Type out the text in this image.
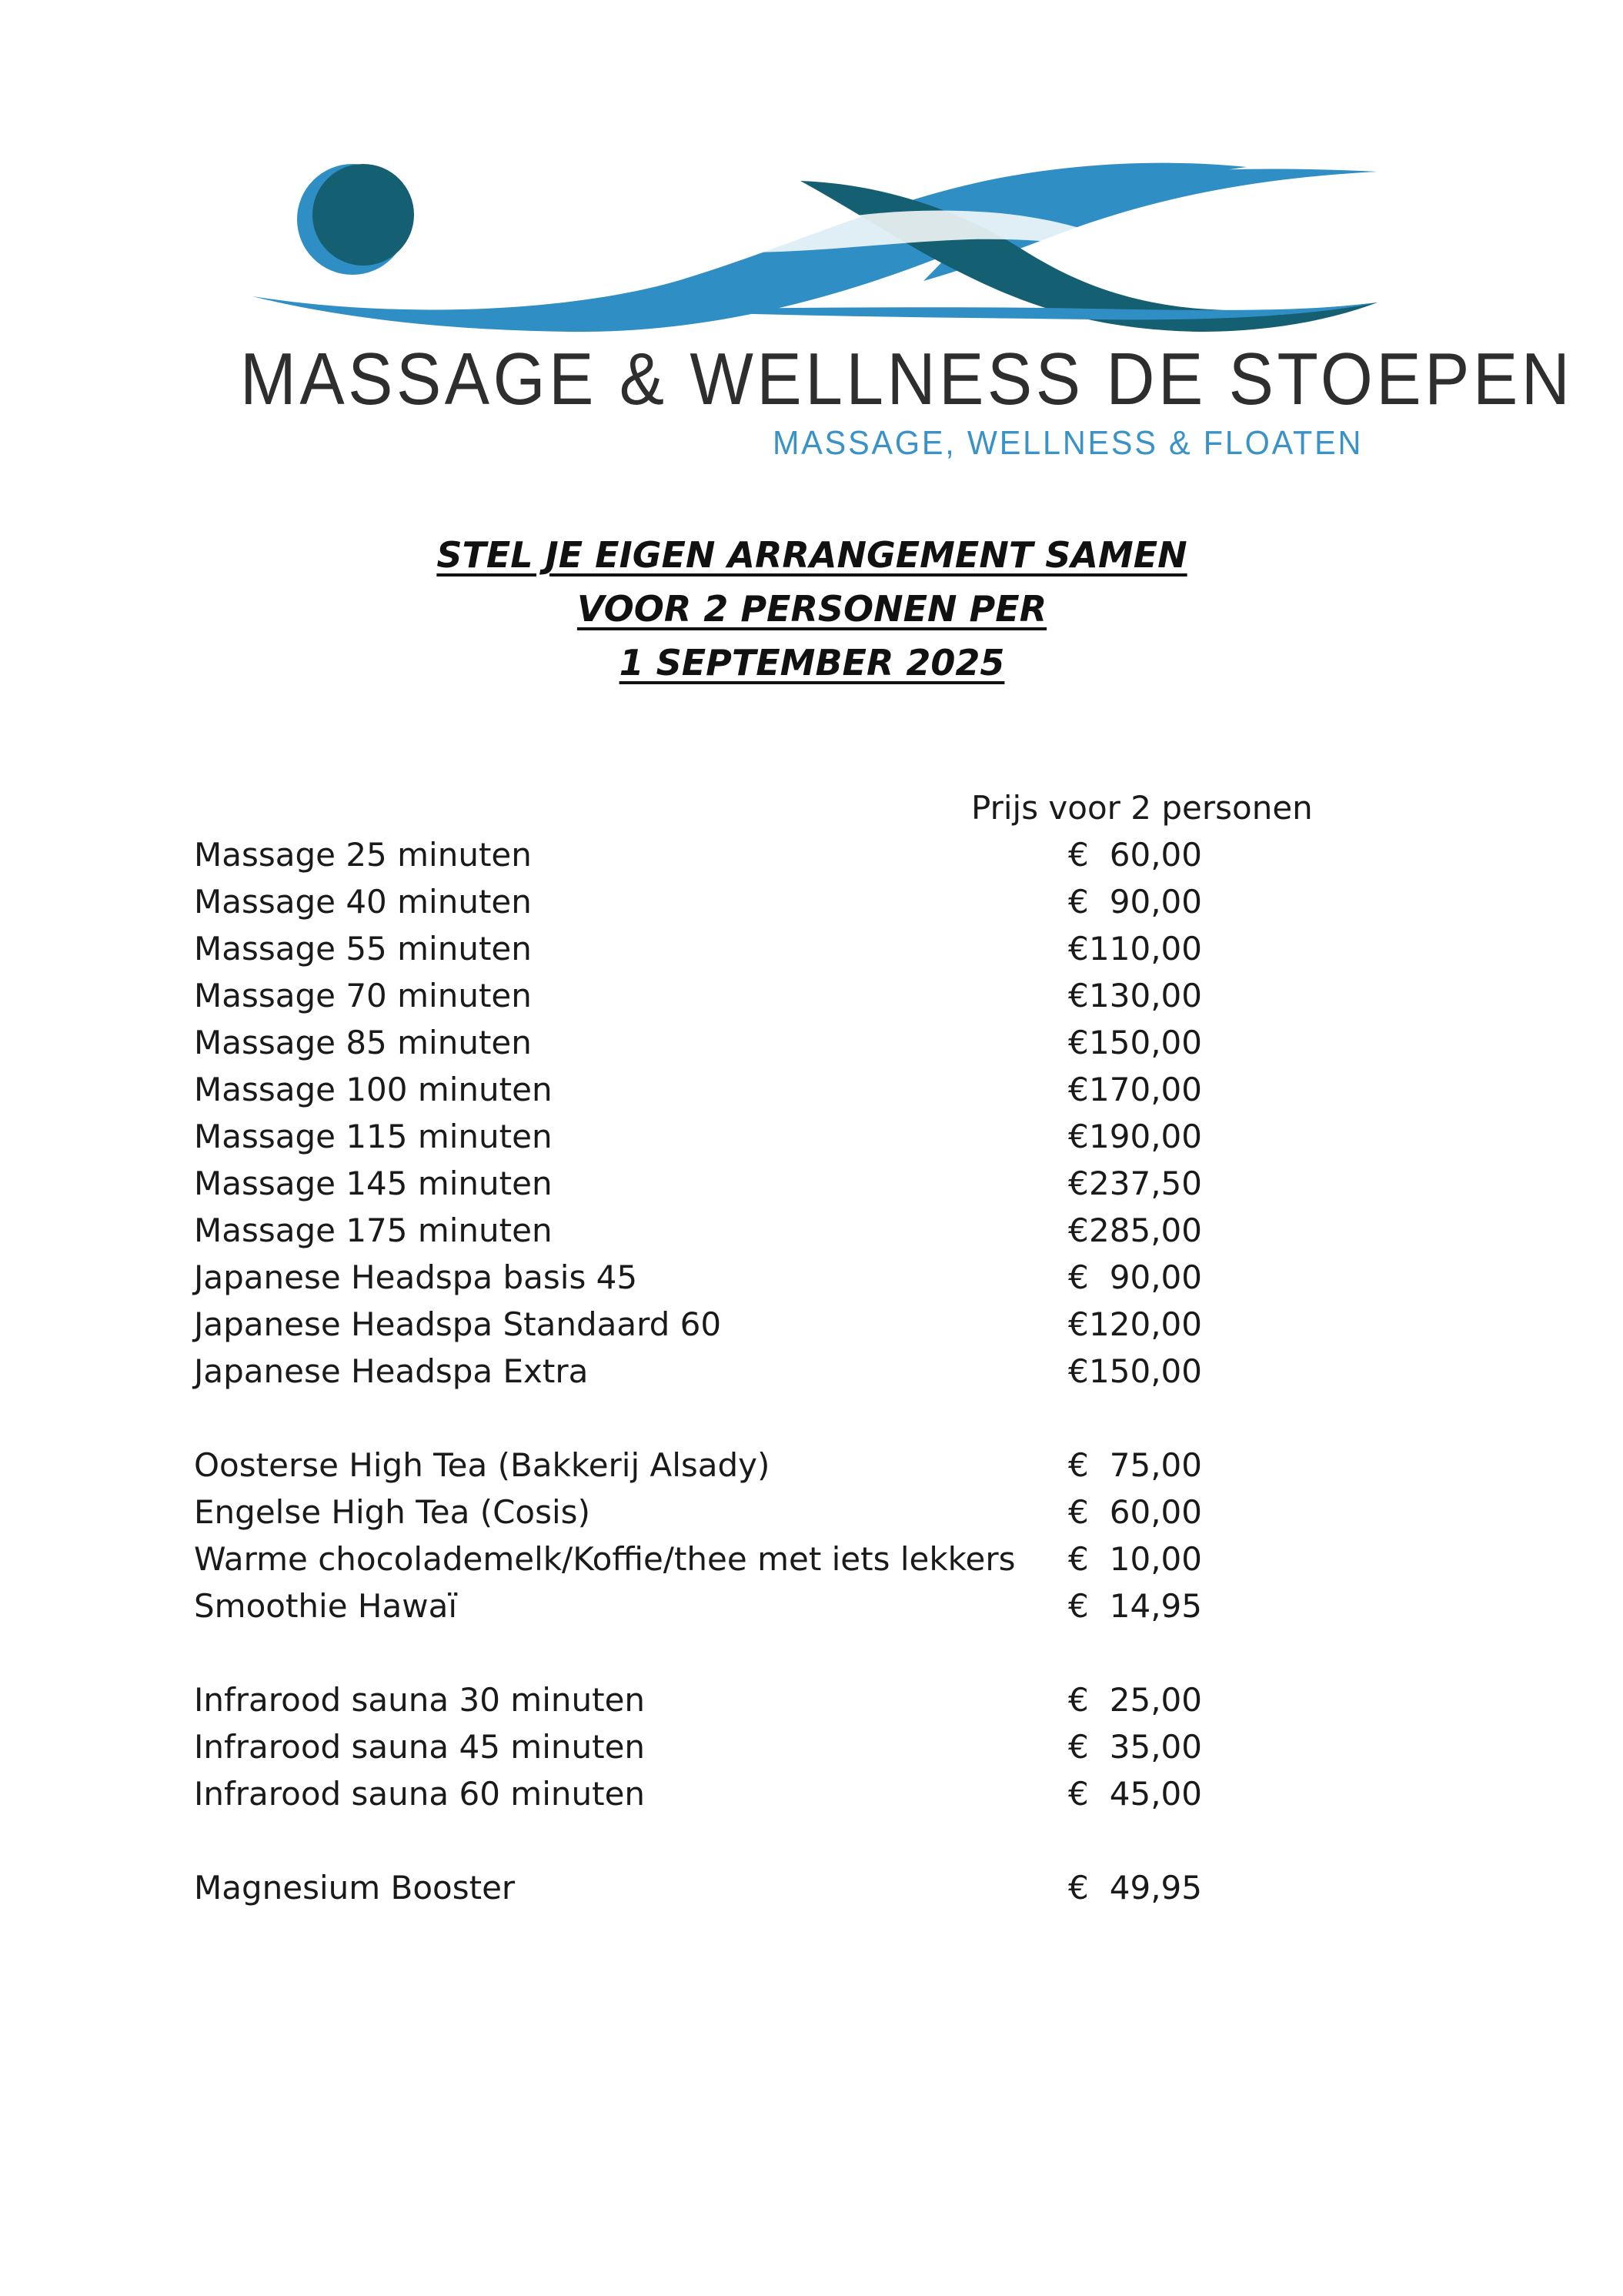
MASSAGE & WELLNESS DE STOEPEN
MASSAGE, WELLNESS & FLOATEN
STEL JE EIGEN ARRANGEMENT SAMEN
VOOR 2 PERSONEN PER
1 SEPTEMBER 2025
Prijs voor 2 personen
Massage 25 minuten	€ 60,00
Massage 40 minuten	€ 90,00
Massage 55 minuten	€ 110,00
Massage 70 minuten	€ 130,00
Massage 85 minuten	€ 150,00
Massage 100 minuten	€ 170,00
Massage 115 minuten	€ 190,00
Massage 145 minuten	€ 237,50
Massage 175 minuten	€ 285,00
Japanese Headspa basis 45	€ 90,00
Japanese Headspa Standaard 60	€ 120,00
Japanese Headspa Extra	€ 150,00
Oosterse High Tea (Bakkerij Alsady)	€ 75,00
Engelse High Tea (Cosis)	€ 60,00
Warme chocolademelk/Koffie/thee met iets lekkers € 10,00
Smoothie Hawaï	€ 14,95
Infrarood sauna 30 minuten	€ 25,00
Infrarood sauna 45 minuten	€ 35,00
Infrarood sauna 60 minuten	€ 45,00
Magnesium Booster	€ 49,95
